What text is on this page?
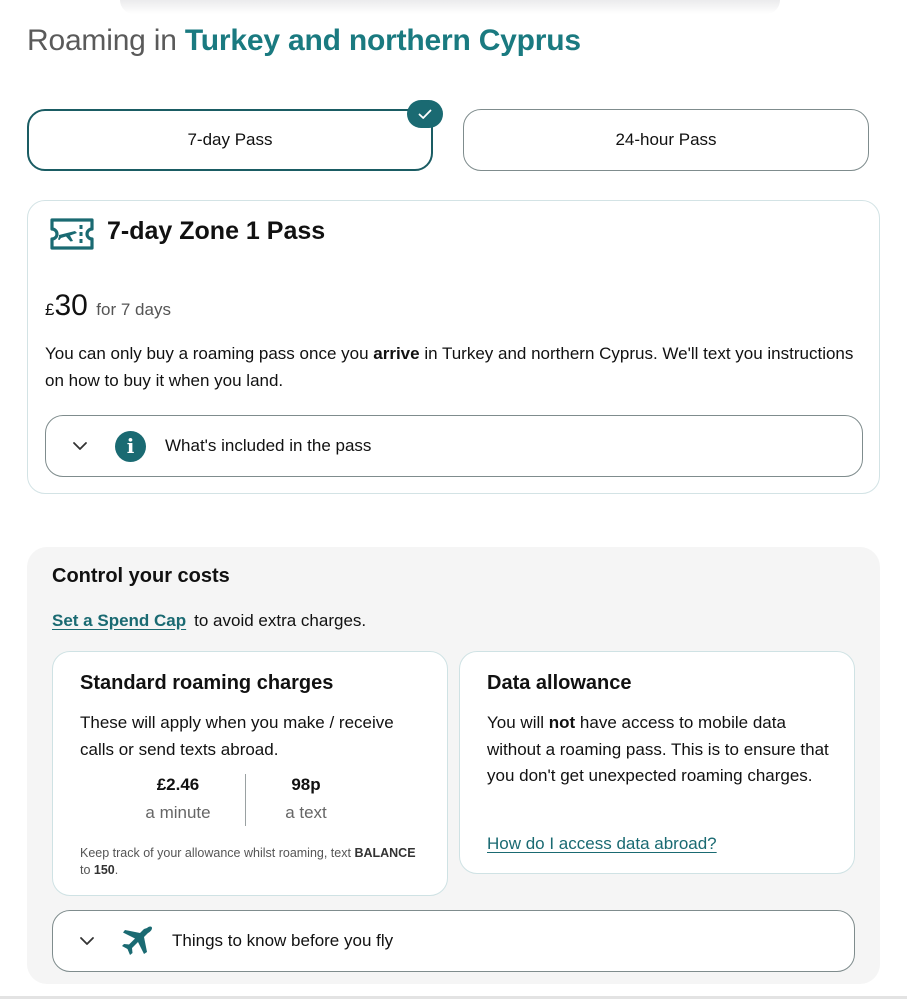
Roaming in Turkey and northern Cyprus
7-day Pass	24-hour Pass
7-day Zone 1 Pass
£30 for 7 days

You can only buy a roaming pass once you arrive in Turkey and northern Cyprus. We'll text you instructions on how to buy it when you land.

i	What's included in the pass
Control your costs
Set a Spend Cap to avoid extra charges.
Standard roaming charges

These will apply when you make / receive calls or send texts abroad.

£2.46
a minute
98p
a text

Keep track of your allowance whilst roaming, text BALANCE to 150.

Data allowance

You will not have access to mobile data without a roaming pass. This is to ensure that you don't get unexpected roaming charges.

How do I access data abroad?
Things to know before you fly
